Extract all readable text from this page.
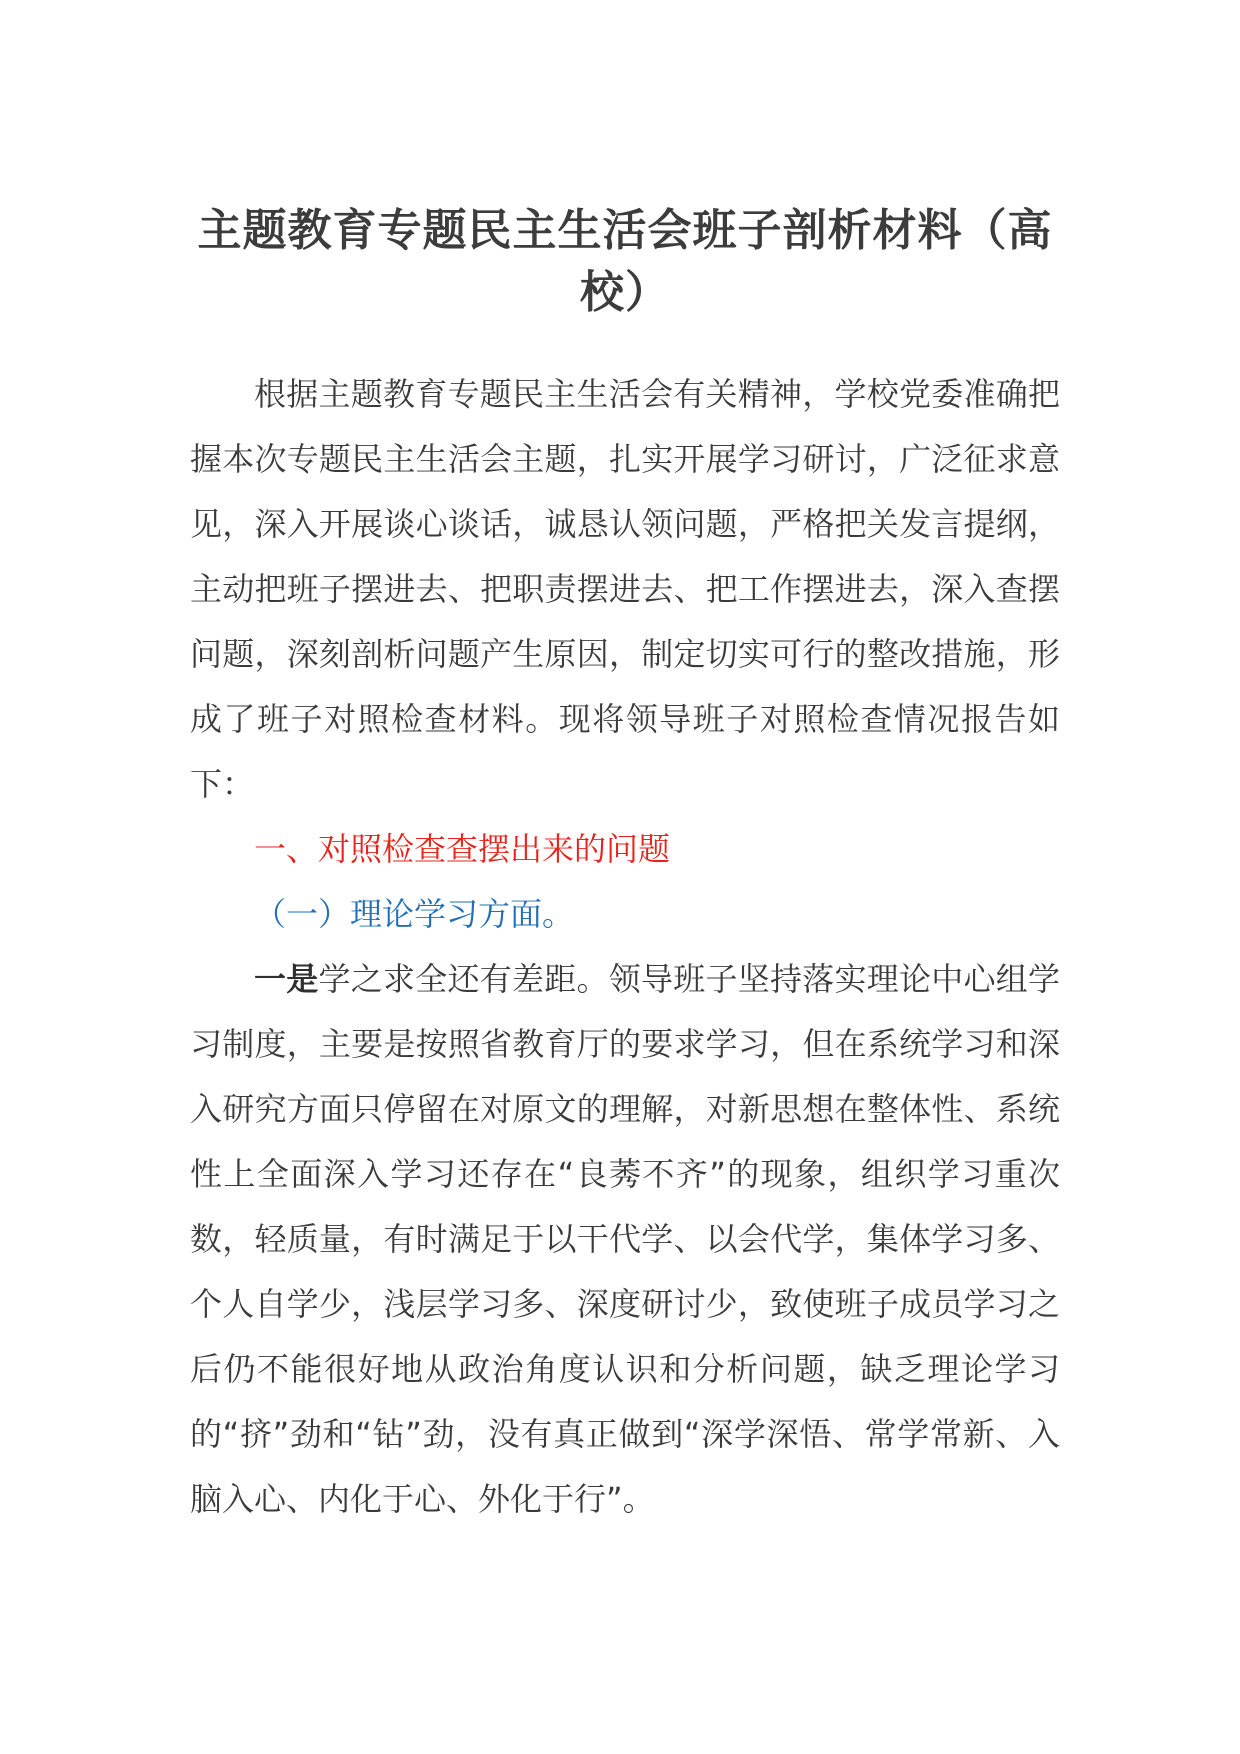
主题教育专题民主生活会班子剖析材料（高校）

根据主题教育专题民主生活会有关精神，学校党委准确把握本次专题民主生活会主题，扎实开展学习研讨，广泛征求意见，深入开展谈心谈话，诚恳认领问题，严格把关发言提纲，主动把班子摆进去、把职责摆进去、把工作摆进去，深入查摆问题，深刻剖析问题产生原因，制定切实可行的整改措施，形成了班子对照检查材料。现将领导班子对照检查情况报告如下：

一、对照检查查摆出来的问题

（一）理论学习方面。

一是学之求全还有差距。领导班子坚持落实理论中心组学习制度，主要是按照省教育厅的要求学习，但在系统学习和深入研究方面只停留在对原文的理解，对新思想在整体性、系统性上全面深入学习还存在“良莠不齐”的现象，组织学习重次数，轻质量，有时满足于以干代学、以会代学，集体学习多、个人自学少，浅层学习多、深度研讨少，致使班子成员学习之后仍不能很好地从政治角度认识和分析问题，缺乏理论学习的“挤”劲和“钻”劲，没有真正做到“深学深悟、常学常新、入脑入心、内化于心、外化于行”。
